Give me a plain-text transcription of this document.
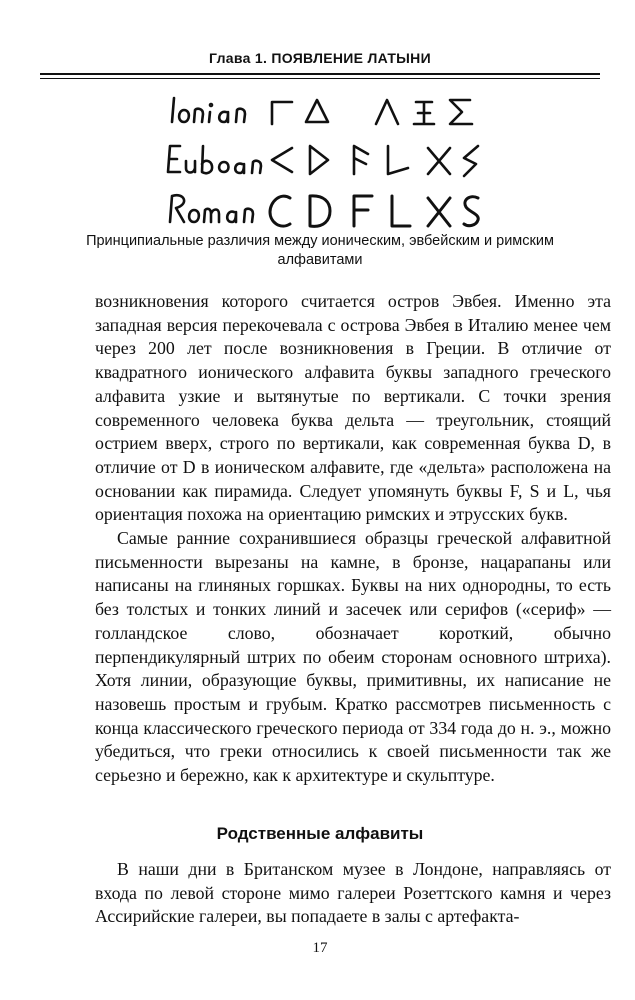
Глава 1. ПОЯВЛЕНИЕ ЛАТЫНИ
Принципиальные различия между ионическим, эвбейским и римским алфавитами

возникновения которого считается остров Эвбея. Именно эта западная версия перекочевала с острова Эвбея в Италию менее чем через 200 лет после возникновения в Греции. В отличие от квадратного ионического алфавита буквы западного греческого алфавита узкие и вытянутые по вертикали. С точки зрения современного человека буква дельта — треугольник, стоящий острием вверх, строго по вертикали, как современная буква D, в отличие от D в ионическом алфавите, где «дельта» расположена на основании как пирамида. Следует упомянуть буквы F, S и L, чья ориентация похожа на ориентацию римских и этрусских букв.

Самые ранние сохранившиеся образцы греческой алфавитной письменности вырезаны на камне, в бронзе, нацарапаны или написаны на глиняных горшках. Буквы на них однородны, то есть без толстых и тонких линий и засечек или серифов («сериф» — голландское слово, обозначает короткий, обычно перпендикулярный штрих по обеим сторонам основного штриха). Хотя линии, образующие буквы, примитивны, их написание не назовешь простым и грубым. Кратко рассмотрев письменность с конца классического греческого периода от 334 года до н. э., можно убедиться, что греки относились к своей письменности так же серьезно и бережно, как к архитектуре и скульптуре.

Родственные алфавиты

В наши дни в Британском музее в Лондоне, направляясь от входа по левой стороне мимо галереи Розеттского камня и через Ассирийские галереи, вы попадаете в залы с артефакта-

17
